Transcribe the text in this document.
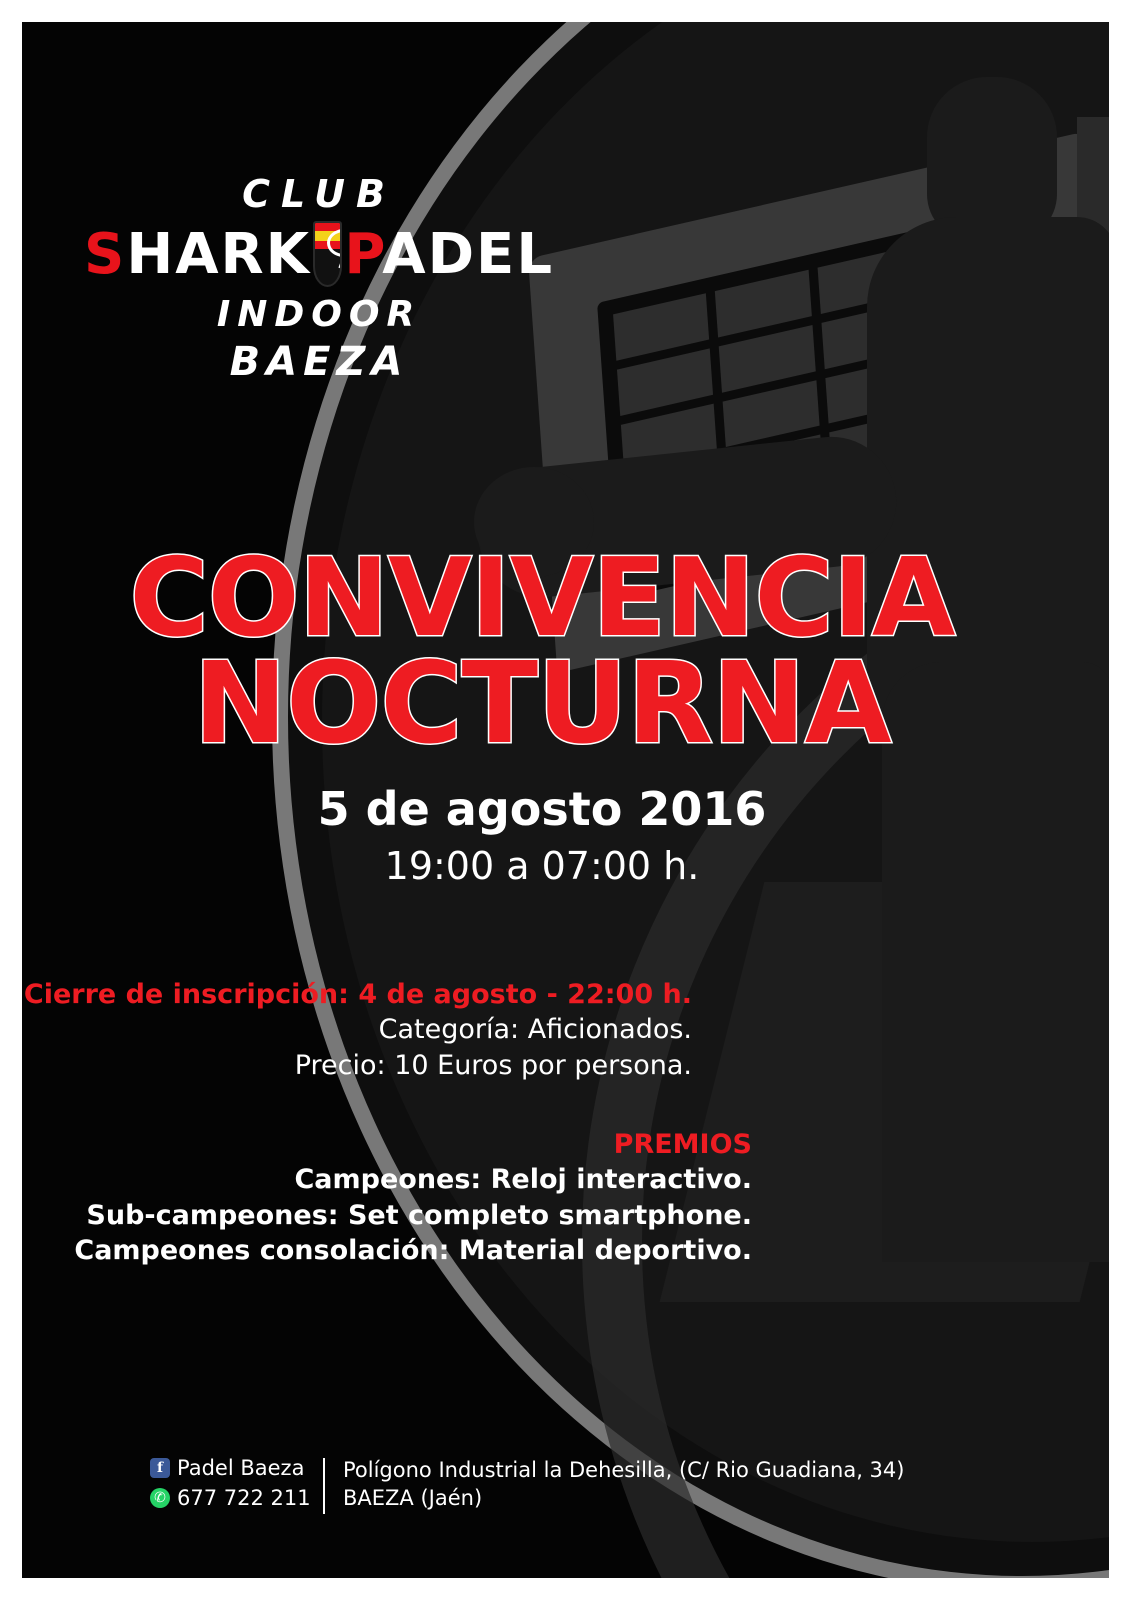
CLUB
SHARK PADEL
INDOOR
BAEZA
CONVIVENCIA
NOCTURNA
5 de agosto 2016
19:00 a 07:00 h.
Cierre de inscripción: 4 de agosto - 22:00 h.
Categoría: Aficionados.
Precio: 10 Euros por persona.
PREMIOS
Campeones: Reloj interactivo.
Sub-campeones: Set completo smartphone.
Campeones consolación: Material deportivo.
f Padel Baeza
✆ 677 722 211
Polígono Industrial la Dehesilla, (C/ Rio Guadiana, 34)
BAEZA (Jaén)
